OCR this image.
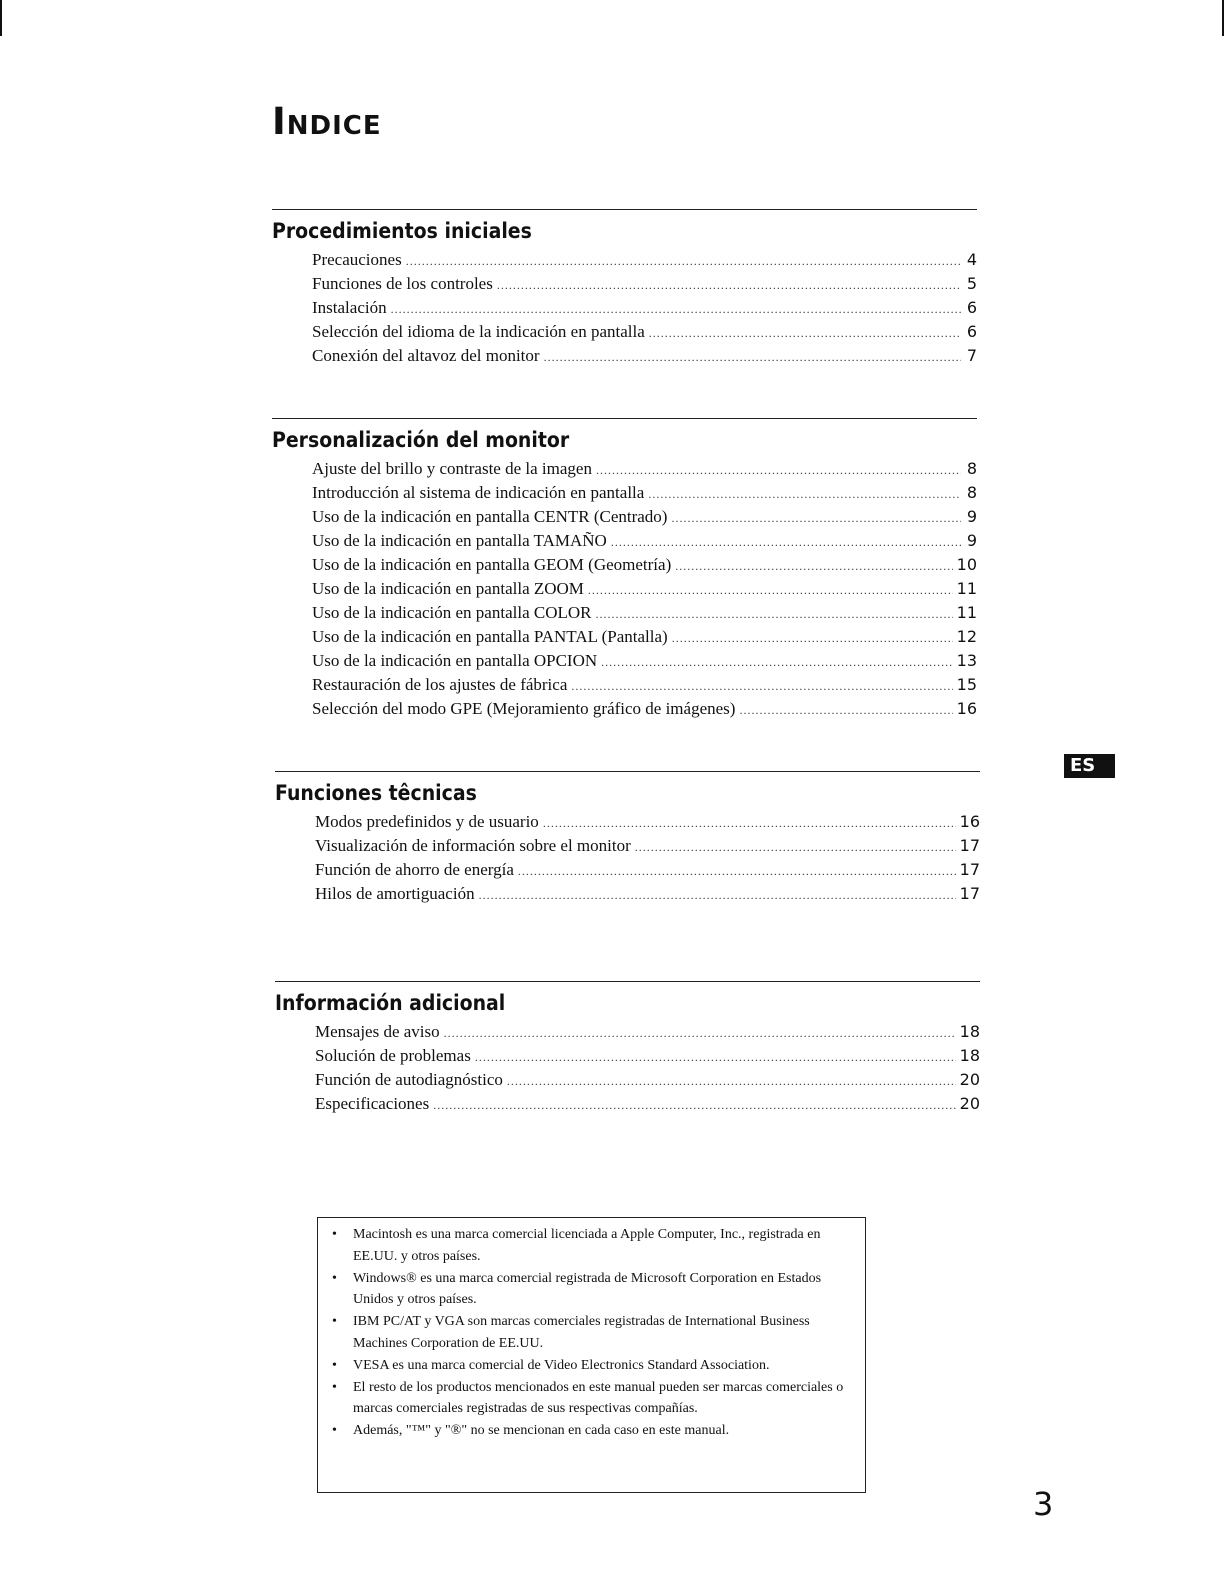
Indice
Procedimientos iniciales
Precauciones .....	4
Funciones de los controles .....	5
Instalación .....	6
Selección del idioma de la indicación en pantalla .....	6
Conexión del altavoz del monitor .....	7
Personalización del monitor
Ajuste del brillo y contraste de la imagen .....	8
Introducción al sistema de indicación en pantalla .....	8
Uso de la indicación en pantalla CENTR (Centrado) .....	9
Uso de la indicación en pantalla TAMAÑO .....	9
Uso de la indicación en pantalla GEOM (Geometría) .....	10
Uso de la indicación en pantalla ZOOM .....	11
Uso de la indicación en pantalla COLOR .....	11
Uso de la indicación en pantalla PANTAL (Pantalla) .....	12
Uso de la indicación en pantalla OPCION .....	13
Restauración de los ajustes de fábrica .....	15
Selección del modo GPE (Mejoramiento gráfico de imágenes) .....	16
Funciones têcnicas
Modos predefinidos y de usuario .....	16
Visualización de información sobre el monitor .....	17
Función de ahorro de energía .....	17
Hilos de amortiguación .....	17
Información adicional
Mensajes de aviso .....	18
Solución de problemas .....	18
Función de autodiagnóstico .....	20
Especificaciones .....	20
ES
• Macintosh es una marca comercial licenciada a Apple Computer, Inc., registrada en EE.UU. y otros países.
• Windows® es una marca comercial registrada de Microsoft Corporation en Estados Unidos y otros países.
• IBM PC/AT y VGA son marcas comerciales registradas de International Business Machines Corporation de EE.UU.
• VESA es una marca comercial de Video Electronics Standard Association.
• El resto de los productos mencionados en este manual pueden ser marcas comerciales o marcas comerciales registradas de sus respectivas compañías.
• Además, "™" y "®" no se mencionan en cada caso en este manual.
3
